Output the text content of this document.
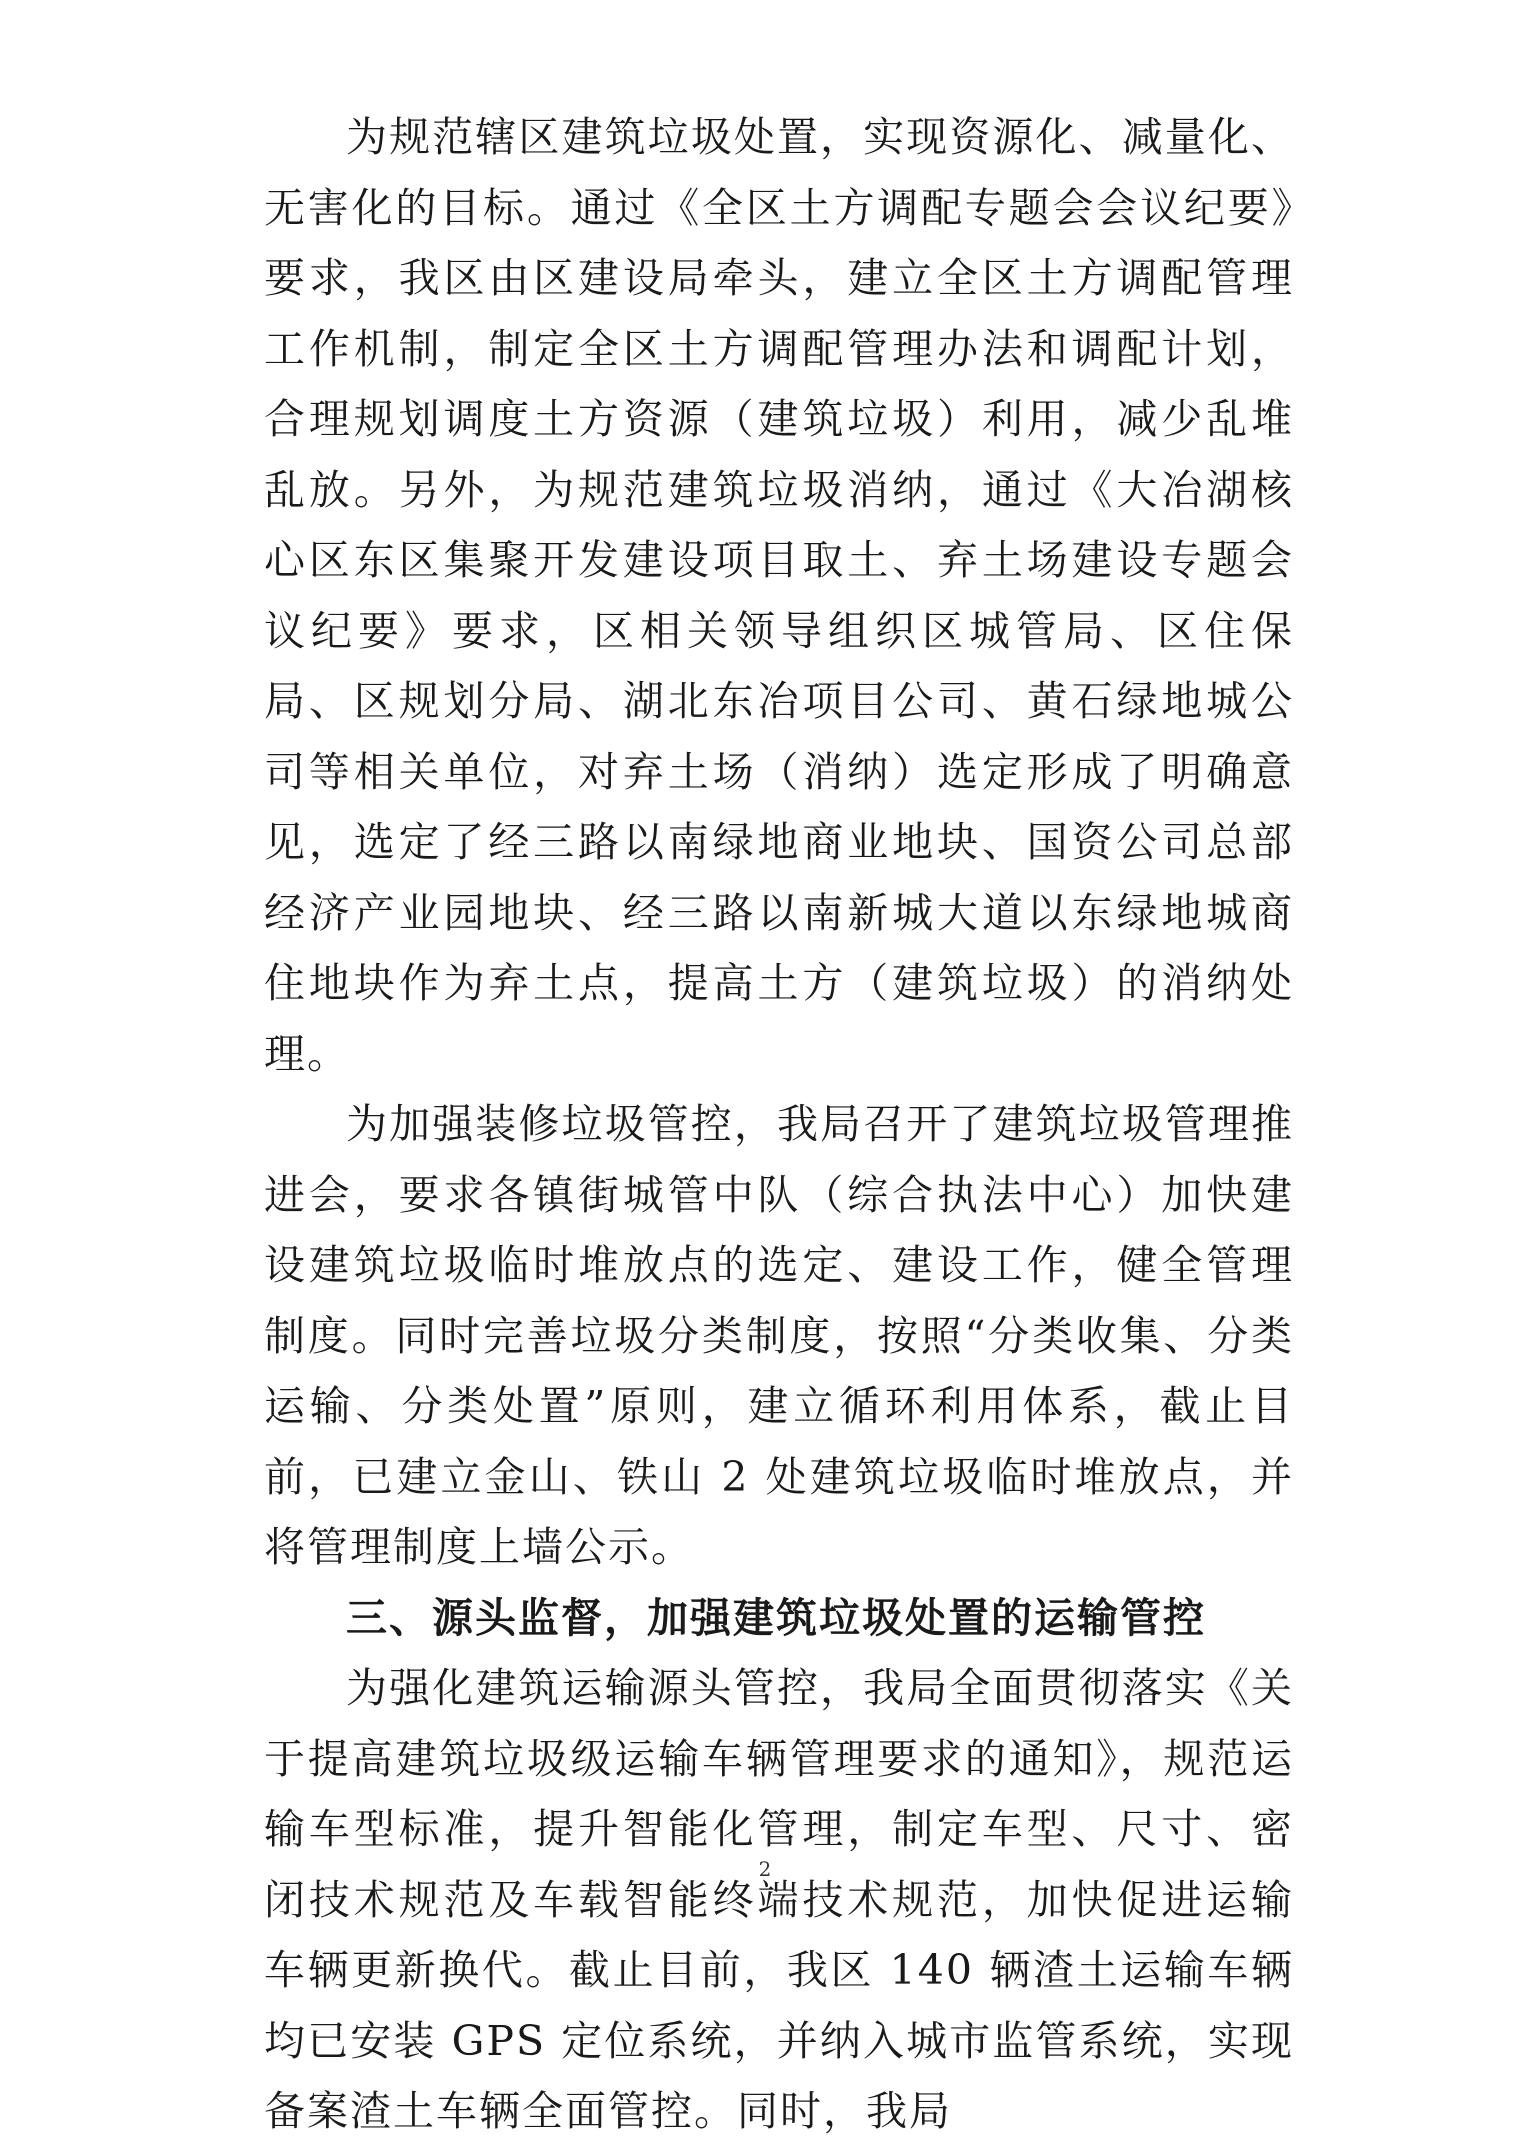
为规范辖区建筑垃圾处置，实现资源化、减量化、无害化的目标。通过《全区土方调配专题会会议纪要》要求，我区由区建设局牵头，建立全区土方调配管理工作机制，制定全区土方调配管理办法和调配计划，合理规划调度土方资源（建筑垃圾）利用，减少乱堆乱放。另外，为规范建筑垃圾消纳，通过《大冶湖核心区东区集聚开发建设项目取土、弃土场建设专题会议纪要》要求，区相关领导组织区城管局、区住保局、区规划分局、湖北东冶项目公司、黄石绿地城公司等相关单位，对弃土场（消纳）选定形成了明确意见，选定了经三路以南绿地商业地块、国资公司总部经济产业园地块、经三路以南新城大道以东绿地城商住地块作为弃土点，提高土方（建筑垃圾）的消纳处理。

为加强装修垃圾管控，我局召开了建筑垃圾管理推进会，要求各镇街城管中队（综合执法中心）加快建设建筑垃圾临时堆放点的选定、建设工作，健全管理制度。同时完善垃圾分类制度，按照“分类收集、分类运输、分类处置”原则，建立循环利用体系，截止目前，已建立金山、铁山 2 处建筑垃圾临时堆放点，并将管理制度上墙公示。

三、源头监督，加强建筑垃圾处置的运输管控

为强化建筑运输源头管控，我局全面贯彻落实《关于提高建筑垃圾级运输车辆管理要求的通知》，规范运输车型标准，提升智能化管理，制定车型、尺寸、密闭技术规范及车载智能终端技术规范，加快促进运输车辆更新换代。截止目前，我区 140 辆渣土运输车辆均已安装 GPS 定位系统，并纳入城市监管系统，实现备案渣土车辆全面管控。同时，我局

2
